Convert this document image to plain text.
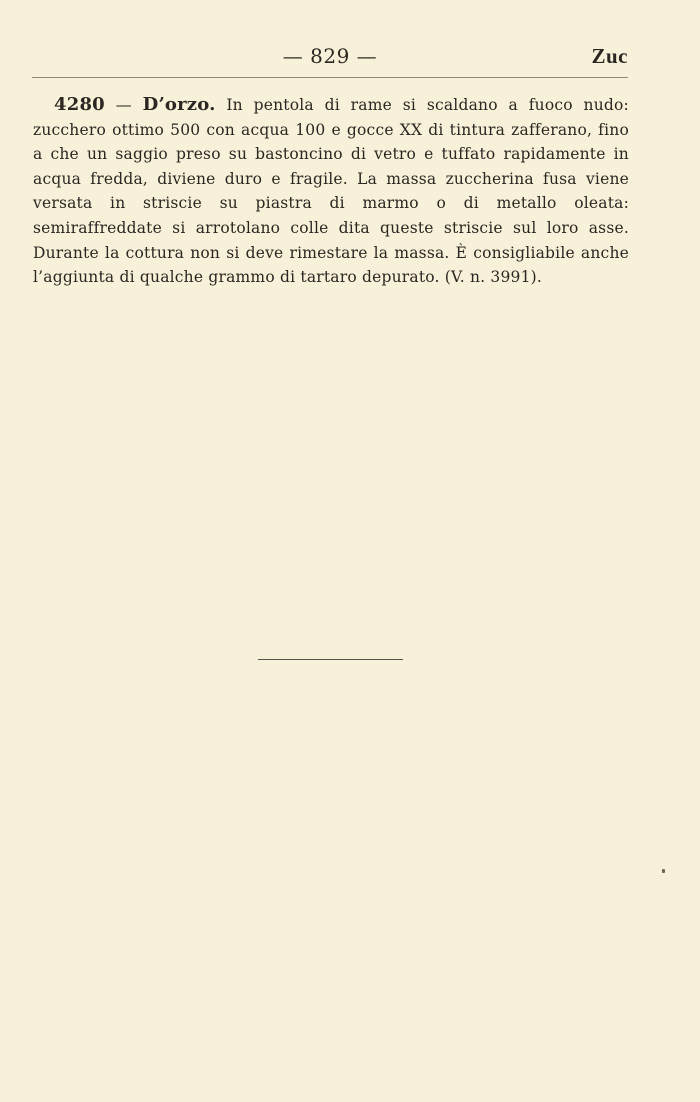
— 829 —	Zuc

4280 — D’orzo. In pentola di rame si scaldano a fuoco nudo: zucchero ottimo 500 con acqua 100 e gocce XX di tintura zafferano, fino a che un saggio preso su bastoncino di vetro e tuffato rapidamente in acqua fredda, diviene duro e fragile. La massa zuccherina fusa viene versata in striscie su piastra di marmo o di metallo oleata: semiraffreddate si arrotolano colle dita queste striscie sul loro asse. Durante la cottura non si deve rimestare la massa. È consigliabile anche l’aggiunta di qualche grammo di tartaro depurato. (V. n. 3991).
